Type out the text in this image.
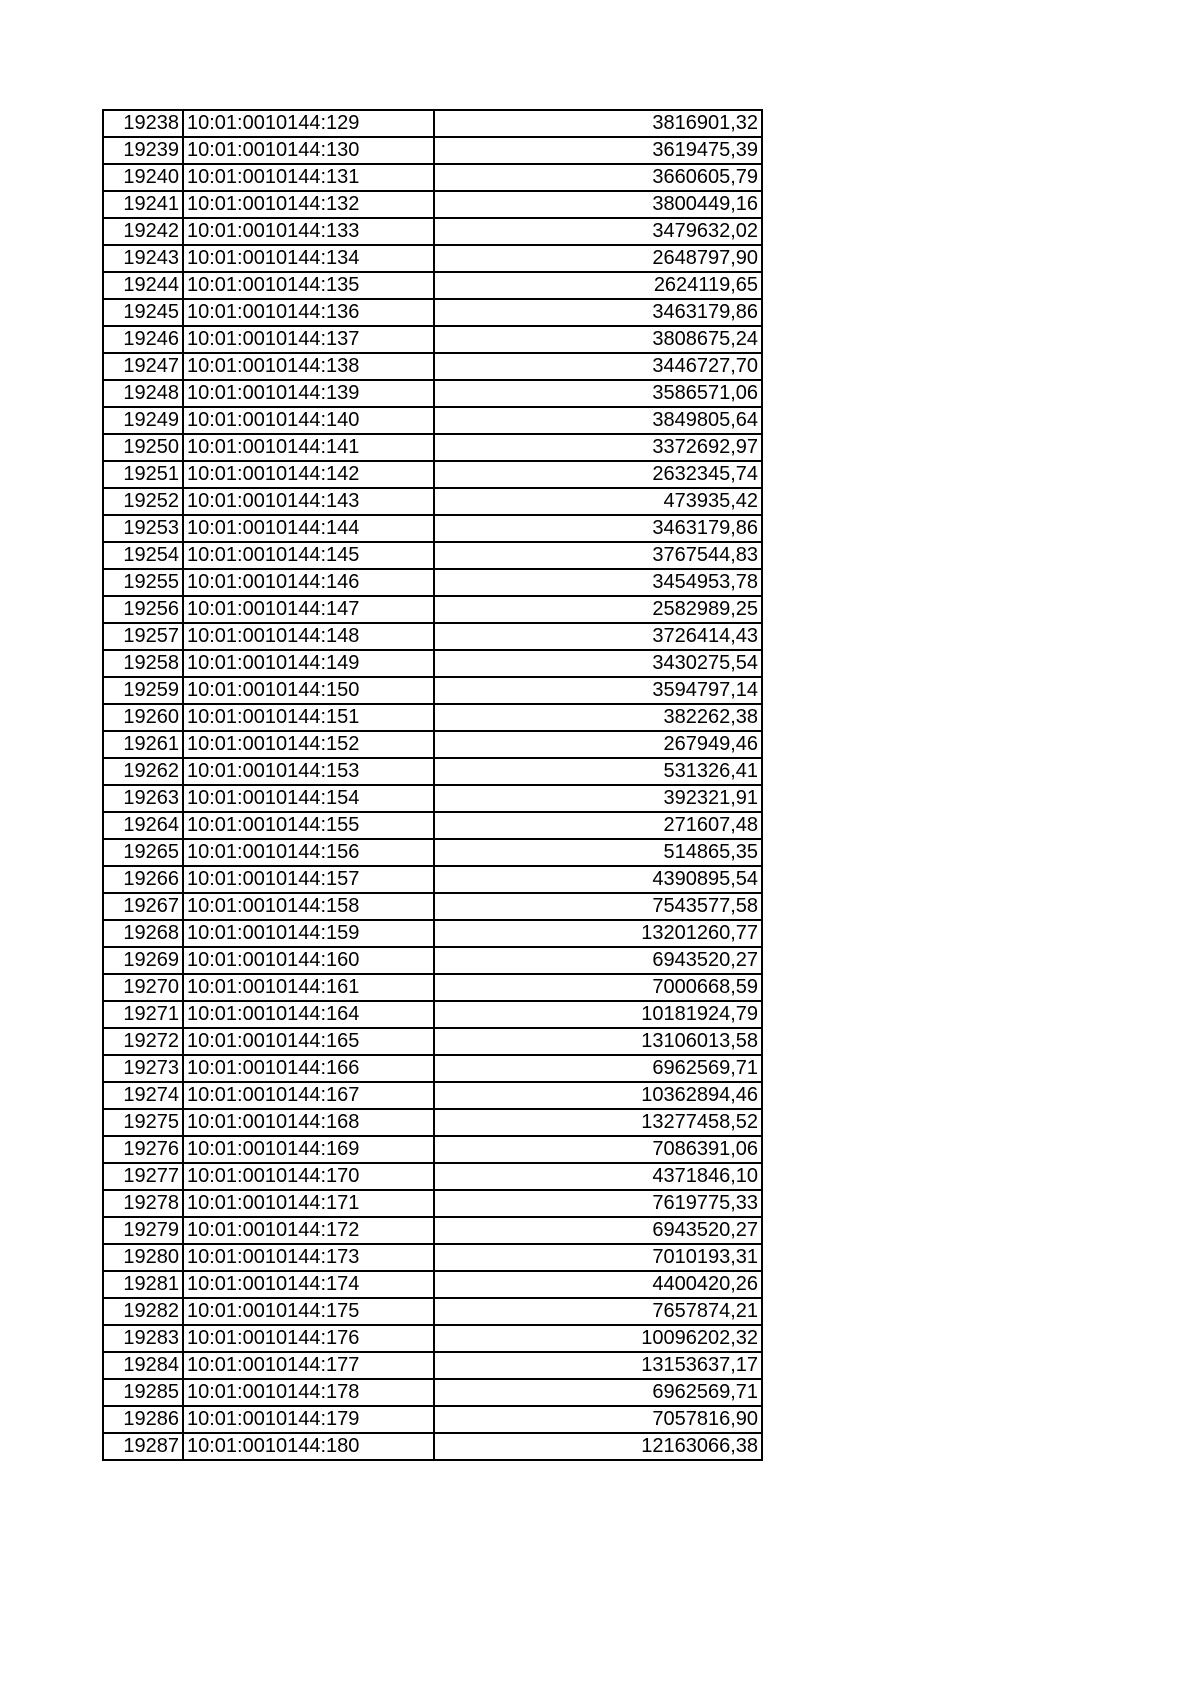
19238	10:01:0010144:129	3816901,32
19239	10:01:0010144:130	3619475,39
19240	10:01:0010144:131	3660605,79
19241	10:01:0010144:132	3800449,16
19242	10:01:0010144:133	3479632,02
19243	10:01:0010144:134	2648797,90
19244	10:01:0010144:135	2624119,65
19245	10:01:0010144:136	3463179,86
19246	10:01:0010144:137	3808675,24
19247	10:01:0010144:138	3446727,70
19248	10:01:0010144:139	3586571,06
19249	10:01:0010144:140	3849805,64
19250	10:01:0010144:141	3372692,97
19251	10:01:0010144:142	2632345,74
19252	10:01:0010144:143	473935,42
19253	10:01:0010144:144	3463179,86
19254	10:01:0010144:145	3767544,83
19255	10:01:0010144:146	3454953,78
19256	10:01:0010144:147	2582989,25
19257	10:01:0010144:148	3726414,43
19258	10:01:0010144:149	3430275,54
19259	10:01:0010144:150	3594797,14
19260	10:01:0010144:151	382262,38
19261	10:01:0010144:152	267949,46
19262	10:01:0010144:153	531326,41
19263	10:01:0010144:154	392321,91
19264	10:01:0010144:155	271607,48
19265	10:01:0010144:156	514865,35
19266	10:01:0010144:157	4390895,54
19267	10:01:0010144:158	7543577,58
19268	10:01:0010144:159	13201260,77
19269	10:01:0010144:160	6943520,27
19270	10:01:0010144:161	7000668,59
19271	10:01:0010144:164	10181924,79
19272	10:01:0010144:165	13106013,58
19273	10:01:0010144:166	6962569,71
19274	10:01:0010144:167	10362894,46
19275	10:01:0010144:168	13277458,52
19276	10:01:0010144:169	7086391,06
19277	10:01:0010144:170	4371846,10
19278	10:01:0010144:171	7619775,33
19279	10:01:0010144:172	6943520,27
19280	10:01:0010144:173	7010193,31
19281	10:01:0010144:174	4400420,26
19282	10:01:0010144:175	7657874,21
19283	10:01:0010144:176	10096202,32
19284	10:01:0010144:177	13153637,17
19285	10:01:0010144:178	6962569,71
19286	10:01:0010144:179	7057816,90
19287	10:01:0010144:180	12163066,38
